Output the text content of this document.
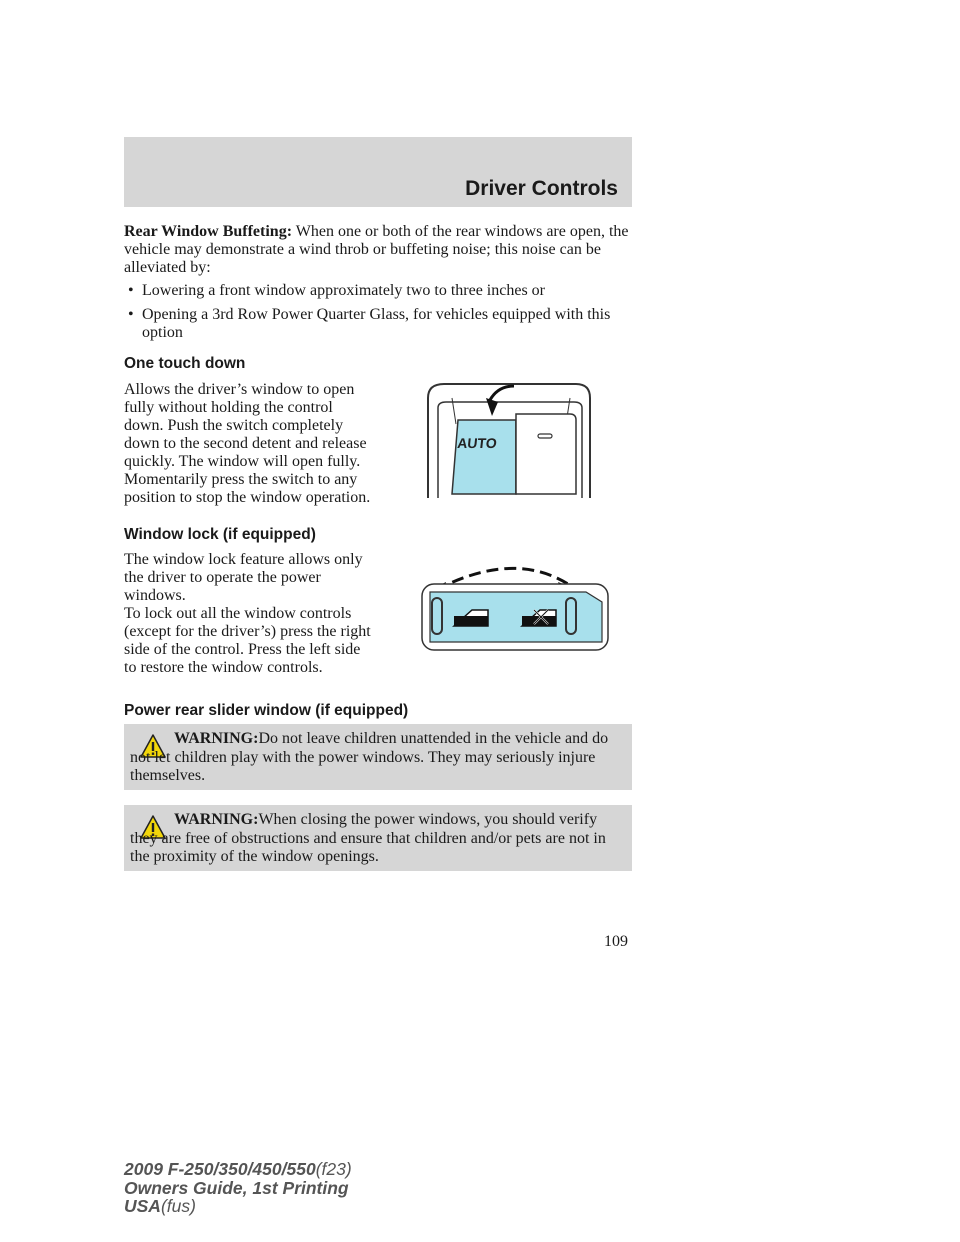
Driver Controls

Rear Window Buffeting: When one or both of the rear windows are open, the vehicle may demonstrate a wind throb or buffeting noise; this noise can be alleviated by:

• Lowering a front window approximately two to three inches or
• Opening a 3rd Row Power Quarter Glass, for vehicles equipped with this option
One touch down

Allows the driver’s window to open fully without holding the control down. Push the switch completely down to the second detent and release quickly. The window will open fully. Momentarily press the switch to any position to stop the window operation.

AUTO
Window lock (if equipped)

The window lock feature allows only the driver to operate the power windows.

To lock out all the window controls (except for the driver’s) press the right side of the control. Press the left side to restore the window controls.

Power rear slider window (if equipped)
WARNING:Do not leave children unattended in the vehicle and do not let children play with the power windows. They may seriously injure themselves.
WARNING:When closing the power windows, you should verify they are free of obstructions and ensure that children and/or pets are not in the proximity of the window openings.
109
2009 F-250/350/450/550(f23)
Owners Guide, 1st Printing
USA(fus)
